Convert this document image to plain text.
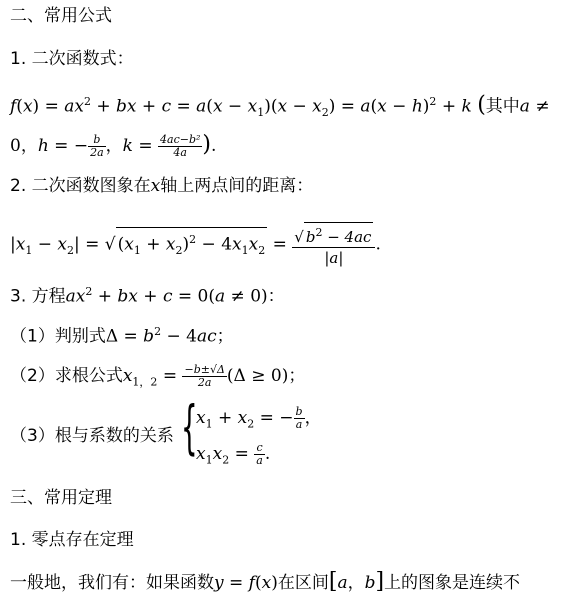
二、常用公式
1. 二次函数式：
$f(x) = ax^2$ + bx + $c = a(x - x_1)(x - x_2) = a(x - h)^2 + k$ (其中a ≠
0，h = − $\frac{b}{2a}$ ，$k = \frac{\text{4ac−b²}}{4a}$ ).
2. 二次函数图象在x轴上两点间的距离：
$|x_1 - x_2|$ = √ $(x_1 + x_2)^2 - 4x_1x_2 = \frac{√ b^2 - 4ac}{|a|}$ .
3. 方程$ax^2$ + bx + c = 0(a ≠ 0)：
（1）判别式$\Delta = b^2 - 4ac$；
（2）求根公式$x_{1,2} = \frac{-b\pm√\Delta}{2a} (\Delta \ge 0)$；
（3）根与系数的关系 {
$x_1 + x_2$ = − $\frac{b}{a}$ ，
$x_1x_2 = \frac{c}{a}$ .
三、常用定理
1. 零点存在定理
一般地，我们有：如果函数y = f(x)在区间[a，b]上的图象是连续不
